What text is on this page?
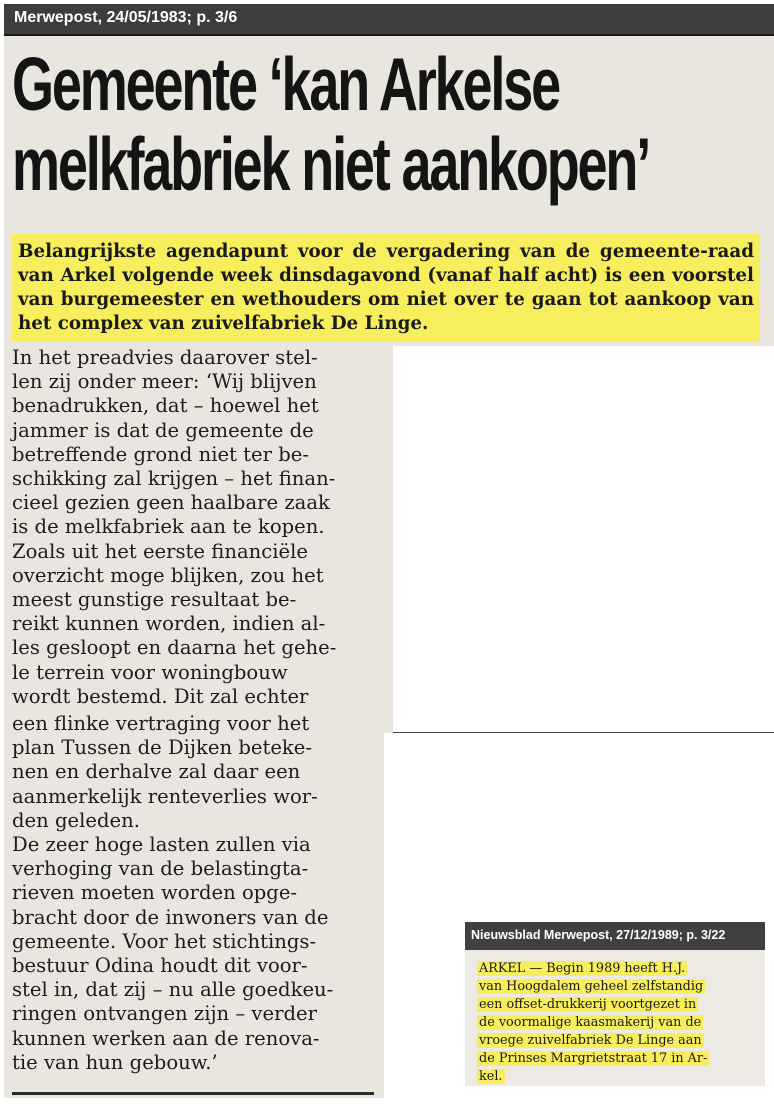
Merwepost, 24/05/1983; p. 3/6
Gemeente ‘kan Arkelse
melkfabriek niet aankopen’
Belangrijkste agendapunt voor de vergadering van de gemeente-raad van Arkel volgende week dinsdagavond (vanaf half acht) is een voorstel van burgemeester en wethouders om niet over te gaan tot aankoop van het complex van zuivelfabriek De Linge.
In het preadvies daarover stel-
len zij onder meer: ‘Wij blijven
benadrukken, dat – hoewel het
jammer is dat de gemeente de
betreffende grond niet ter be-
schikking zal krijgen – het finan-
cieel gezien geen haalbare zaak
is de melkfabriek aan te kopen.
Zoals uit het eerste financiële
overzicht moge blijken, zou het
meest gunstige resultaat be-
reikt kunnen worden, indien al-
les gesloopt en daarna het gehe-
le terrein voor woningbouw
wordt bestemd. Dit zal echter
een flinke vertraging voor het
plan Tussen de Dijken beteke-
nen en derhalve zal daar een
aanmerkelijk renteverlies wor-
den geleden.
De zeer hoge lasten zullen via
verhoging van de belastingta-
rieven moeten worden opge-
bracht door de inwoners van de
gemeente. Voor het stichtings-
bestuur Odina houdt dit voor-
stel in, dat zij – nu alle goedkeu-
ringen ontvangen zijn – verder
kunnen werken aan de renova-
tie van hun gebouw.’
Nieuwsblad Merwepost, 27/12/1989; p. 3/22
ARKEL — Begin 1989 heeft H.J.
van Hoogdalem geheel zelfstandig
een offset-drukkerij voortgezet in
de voormalige kaasmakerij van de
vroege zuivelfabriek De Linge aan
de Prinses Margrietstraat 17 in Ar-
kel.
